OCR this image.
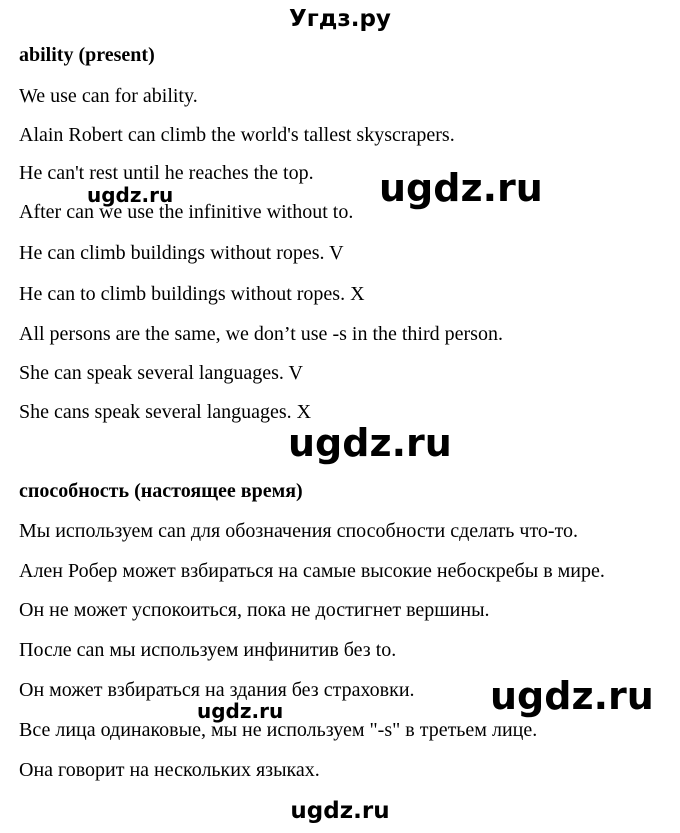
Угдз.ру
ability (present)
We use can for ability.
Alain Robert can climb the world's tallest skyscrapers.
He can't rest until he reaches the top.
After can we use the infinitive without to.
He can climb buildings without ropes. V
He can to climb buildings without ropes. X
All persons are the same, we don’t use -s in the third person.
She can speak several languages. V
She cans speak several languages. X
способность (настоящее время)
Мы используем can для обозначения способности сделать что-то.
Ален Робер может взбираться на самые высокие небоскребы в мире.
Он не может успокоиться, пока не достигнет вершины.
После can мы используем инфинитив без to.
Он может взбираться на здания без страховки.
Все лица одинаковые, мы не используем "-s" в третьем лице.
Она говорит на нескольких языках.
ugdz.ru	ugdz.ru
ugdz.ru
ugdz.ru
ugdz.ru
ugdz.ru
